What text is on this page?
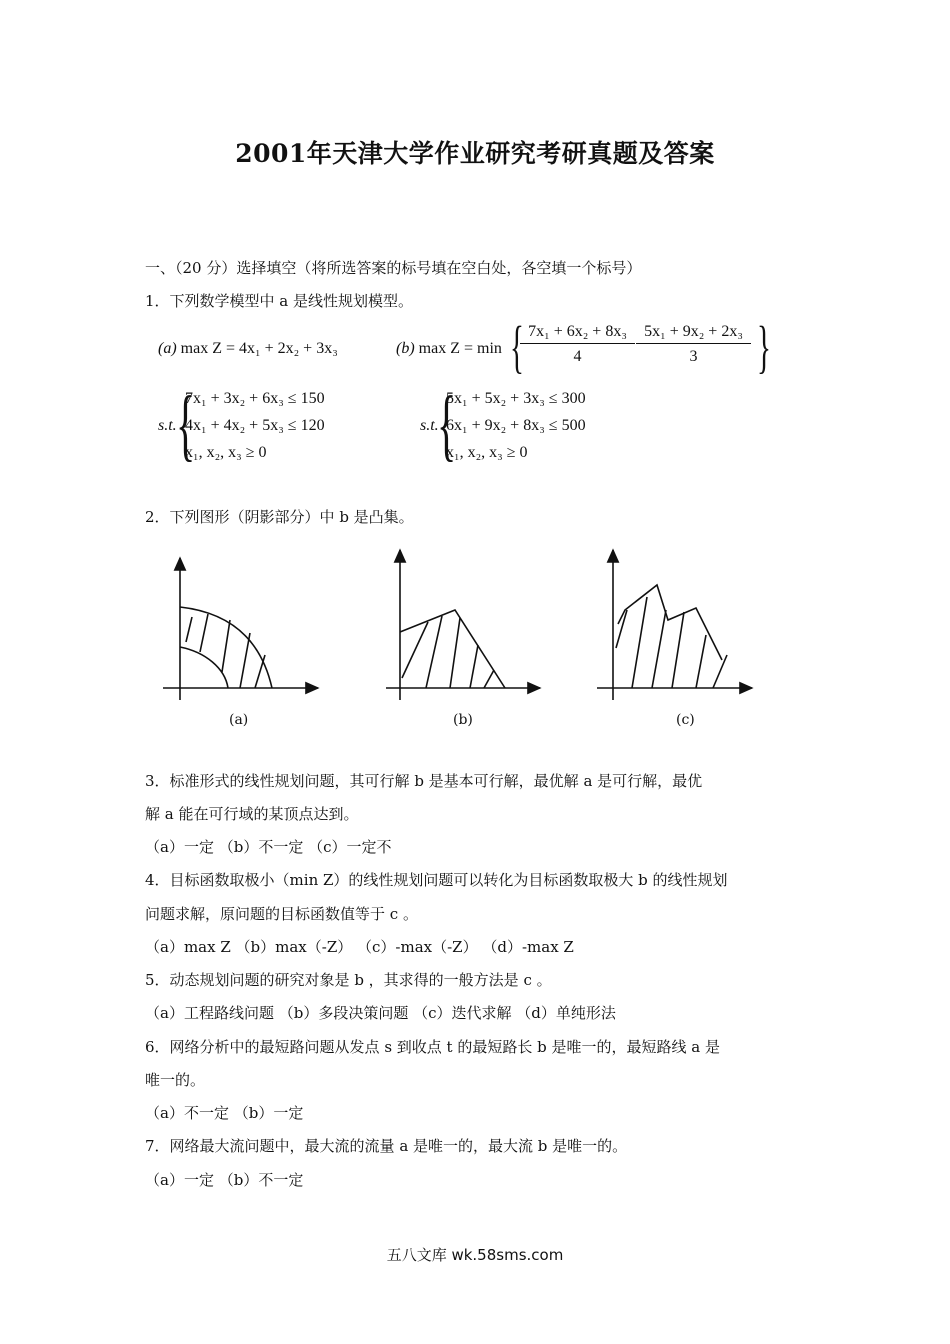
2001年天津大学作业研究考研真题及答案
一、（20 分）选择填空（将所选答案的标号填在空白处，各空填一个标号）
1．下列数学模型中 a 是线性规划模型。
(a) max Z = 4x₁ + 2x₂ + 3x₃
s.t. {
7x₁ + 3x₂ + 6x₃ ≤ 150
4x₁ + 4x₂ + 5x₃ ≤ 120
x₁, x₂, x₃ ≥ 0
(b) max Z = min {
$\frac{\text{7x₁ + 6x₂ + 8x₃}}{4} \frac{\text{5x₁ + 9x₂ + 2x₃}}{3}$ }
s.t.
{
5x₁ + 5x₂ + 3x₃ ≤ 300
6x₁ + 9x₂ + 8x₃ ≤ 500
x₁, x₂, x₃ ≥ 0
2．下列图形（阴影部分）中 b 是凸集。
(a)	(b)	(c)
3．标准形式的线性规划问题，其可行解 b 是基本可行解，最优解 a 是可行解，最优
解 a 能在可行域的某顶点达到。
（a）一定 （b）不一定 （c）一定不
4．目标函数取极小（min Z）的线性规划问题可以转化为目标函数取极大 b 的线性规划
问题求解，原问题的目标函数值等于 c 。
（a）max Z （b）max（-Z） （c）-max（-Z） （d）-max Z
5．动态规划问题的研究对象是 b ，其求得的一般方法是 c 。
（a）工程路线问题 （b）多段决策问题 （c）迭代求解 （d）单纯形法
6．网络分析中的最短路问题从发点 s 到收点 t 的最短路长 b 是唯一的，最短路线 a 是
唯一的。
（a）不一定 （b）一定
7．网络最大流问题中，最大流的流量 a 是唯一的，最大流 b 是唯一的。
（a）一定 （b）不一定
五八文库 wk.58sms.com
